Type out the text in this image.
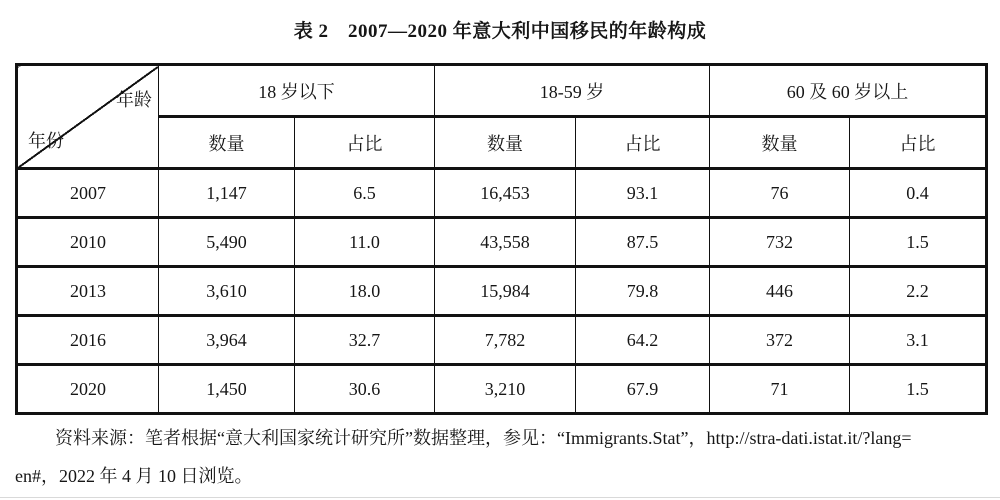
表 2　2007—2020 年意大利中国移民的年龄构成
年龄
年份	18 岁以下		18-59 岁		60 及 60 岁以上	
	数量	占比	数量	占比	数量	占比
2007	1,147	6.5	16,453	93.1	76	0.4
2010	5,490	11.0	43,558	87.5	732	1.5
2013	3,610	18.0	15,984	79.8	446	2.2
2016	3,964	32.7	7,782	64.2	372	3.1
2020	1,450	30.6	3,210	67.9	71	1.5
资料来源：笔者根据“意大利国家统计研究所”数据整理，参见：“Immigrants.Stat”，http://stra-dati.istat.it/?lang=
en#，2022 年 4 月 10 日浏览。
